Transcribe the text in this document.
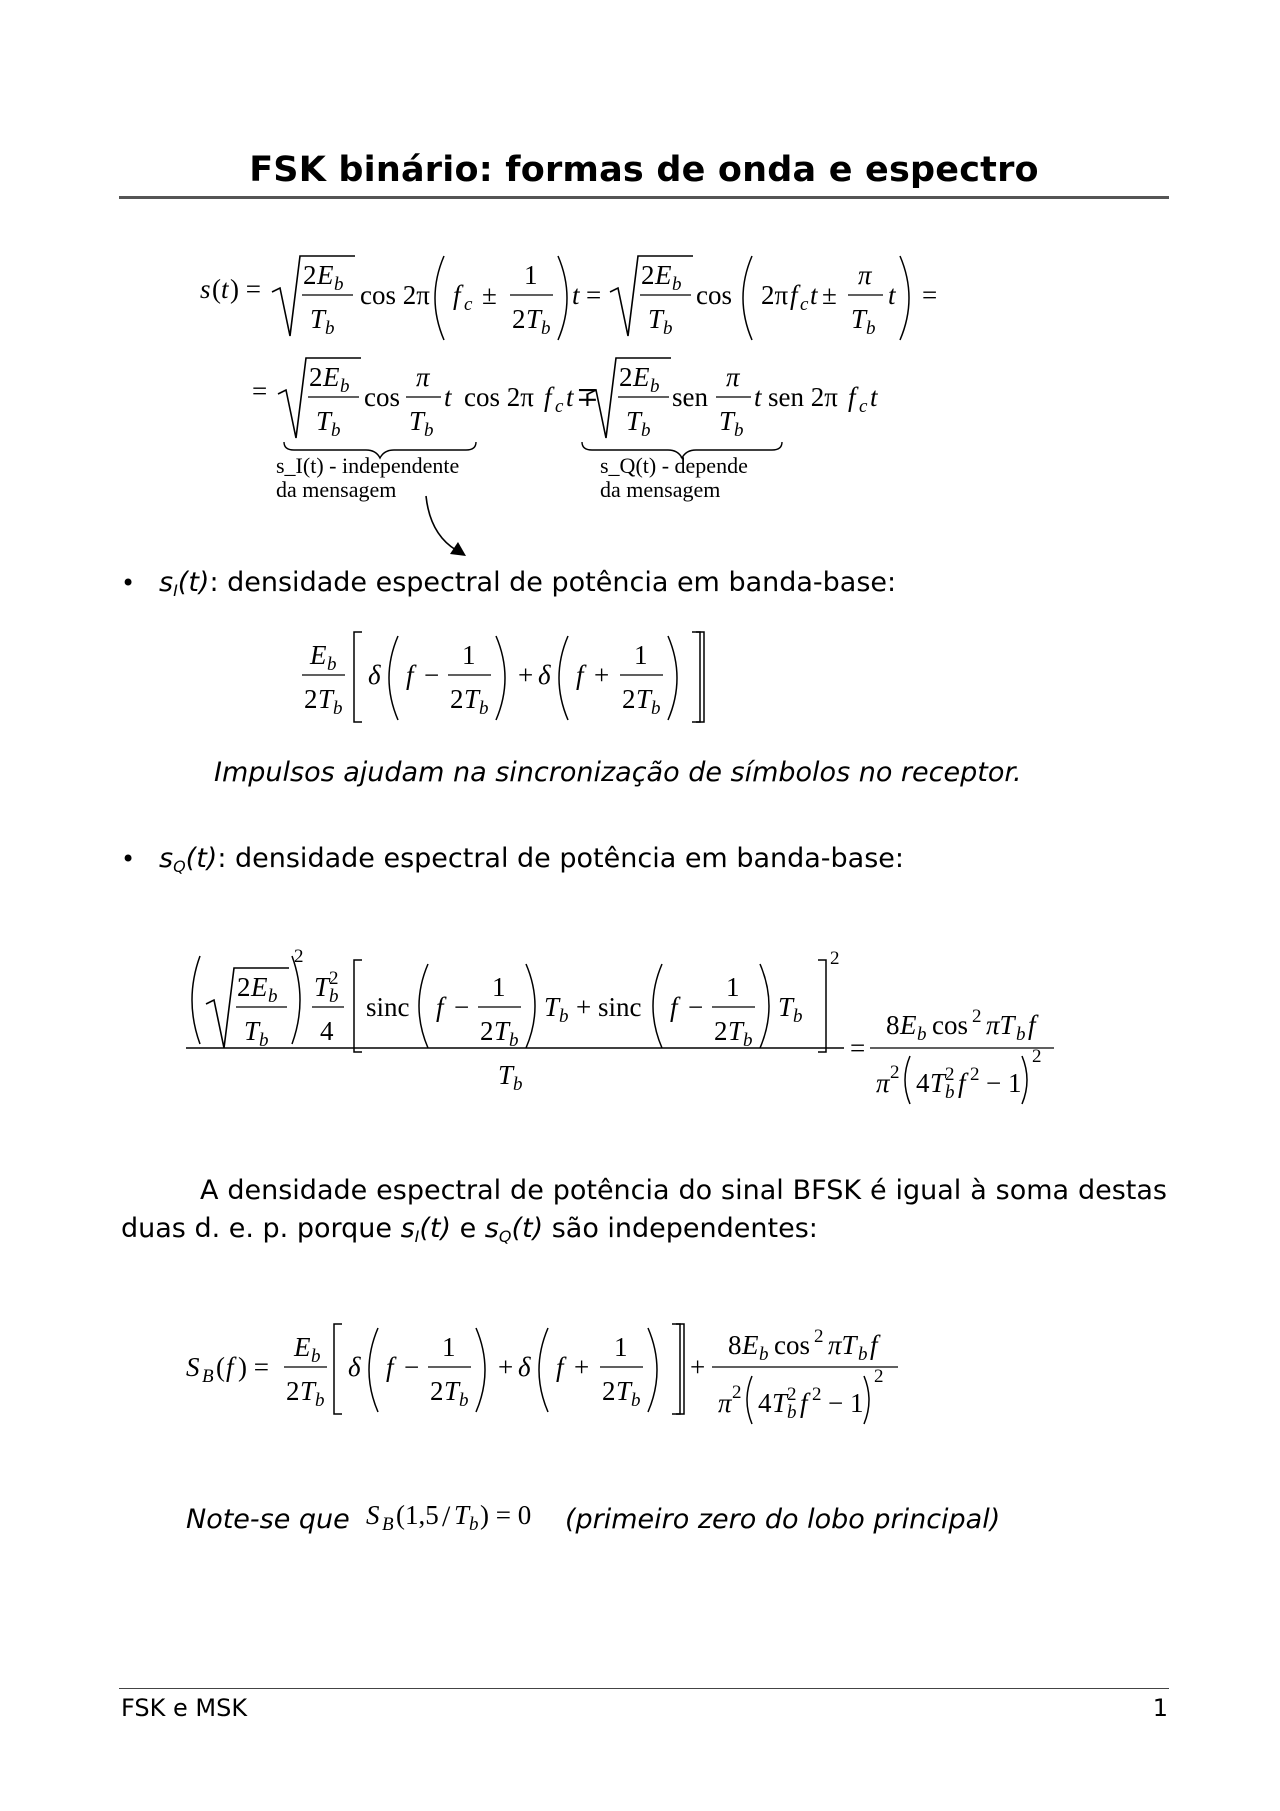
FSK binário: formas de onda e espectro
s ( t ) = 2 E b
T b
cos 2π f c ±
1
2 T b
t =
2 E b
T b
cos 2π f c t ±
π
T b
t =
= 2 E b
T b
cos
π
T b
t cos 2π f c t ∓
2 E b
T b
sen
π
T b
t sen 2π f c t
s_I(t) - independente
da mensagem
s_Q(t) - depende
da mensagem
• $s_I(t)$: densidade espectral de potência em banda-base:
E b
2 T b
δ f −
1
2 T b
+ δ f +
1
2 T b
Impulsos ajudam na sincronização de símbolos no receptor.
• $s_Q(t)$: densidade espectral de potência em banda-base:
2 E b
T b
2
T b
2
4
sinc f −
1
2 T b
T b + sinc f −
1
2 T b
T b
2
T b
=
8 E b cos 2 πT b f
π 2 4 T b
2 f 2 − 1
2
A densidade espectral de potência do sinal BFSK é igual à soma destas duas d. e. p. porque $s_I(t)$ e $s_Q(t)$ são independentes:
S B ( f ) =
E b
2 T b
δ f −
1
2 T b
+ δ f +
1
2 T b
+
8 E b cos 2 πT b f
π 2 4 T b
2 f 2 − 1
2
Note-se que S B (1,5 / T b ) = 0 (primeiro zero do lobo principal)
FSK e MSK	1
